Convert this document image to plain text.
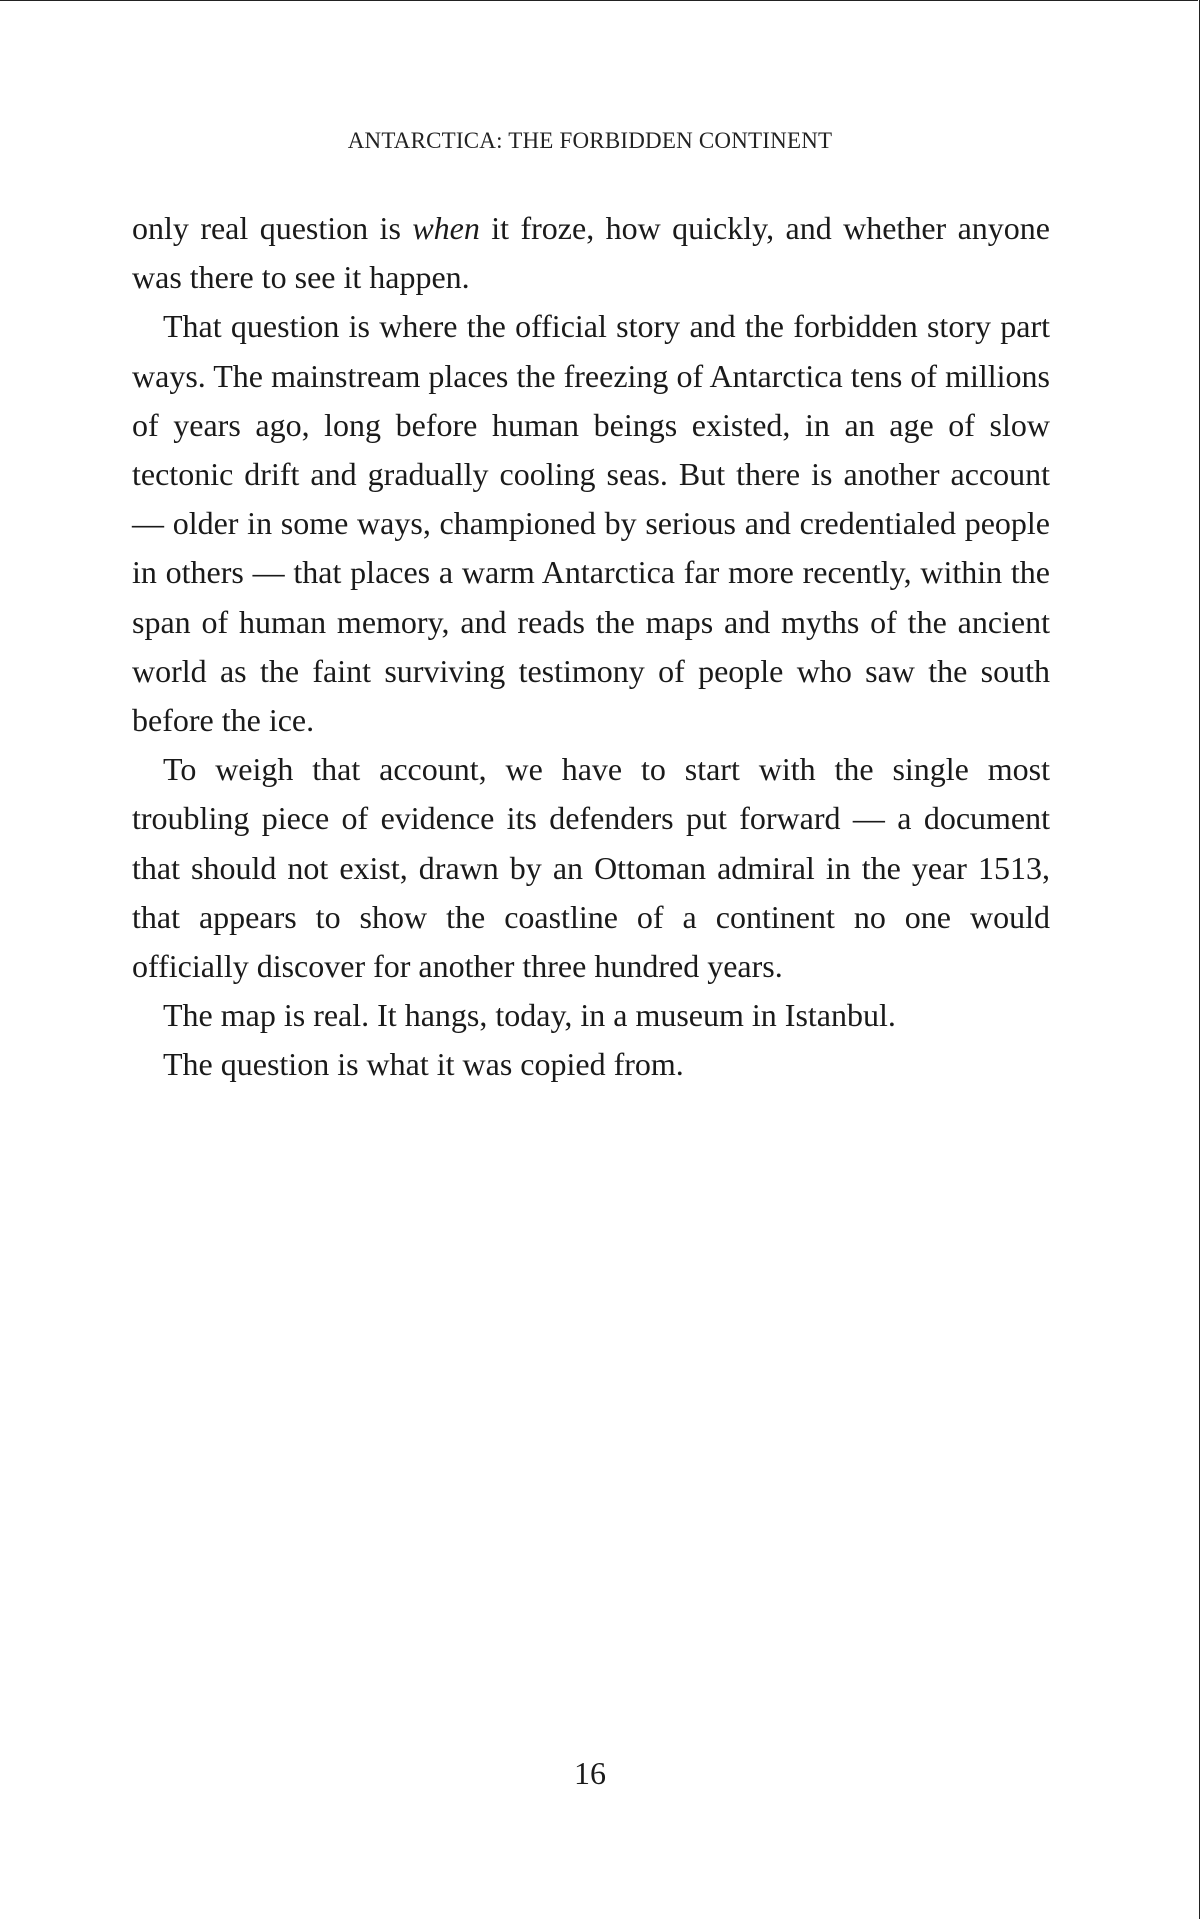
ANTARCTICA: THE FORBIDDEN CONTINENT

only real question is when it froze, how quickly, and whether anyone was there to see it happen.

That question is where the official story and the forbidden story part ways. The mainstream places the freezing of Antarctica tens of millions of years ago, long before human beings existed, in an age of slow tectonic drift and gradually cooling seas. But there is another account — older in some ways, championed by serious and credentialed people in others — that places a warm Antarctica far more recently, within the span of human memory, and reads the maps and myths of the ancient world as the faint surviving testimony of people who saw the south before the ice.

To weigh that account, we have to start with the single most troubling piece of evidence its defenders put forward — a document that should not exist, drawn by an Ottoman admiral in the year 1513, that appears to show the coastline of a continent no one would officially discover for another three hundred years.

The map is real. It hangs, today, in a museum in Istanbul.

The question is what it was copied from.

16
